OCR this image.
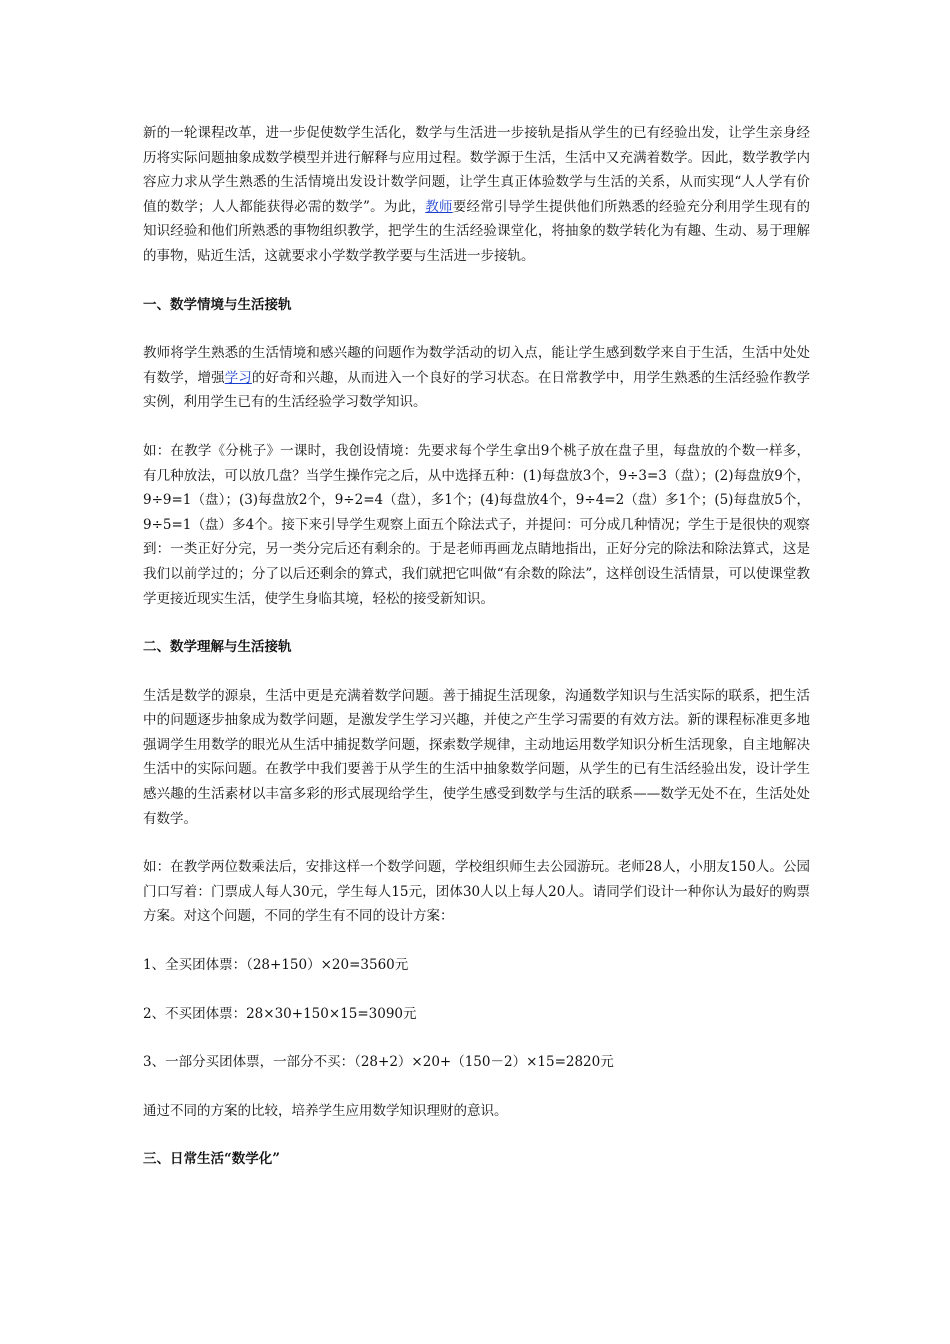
新的一轮课程改革，进一步促使数学生活化，数学与生活进一步接轨是指从学生的已有经验出发，让学生亲身经历将实际问题抽象成数学模型并进行解释与应用过程。数学源于生活，生活中又充满着数学。因此，数学教学内容应力求从学生熟悉的生活情境出发设计数学问题，让学生真正体验数学与生活的关系，从而实现“人人学有价值的数学；人人都能获得必需的数学”。为此，教师要经常引导学生提供他们所熟悉的经验充分利用学生现有的知识经验和他们所熟悉的事物组织教学，把学生的生活经验课堂化，将抽象的数学转化为有趣、生动、易于理解的事物，贴近生活，这就要求小学数学教学要与生活进一步接轨。

一、数学情境与生活接轨

教师将学生熟悉的生活情境和感兴趣的问题作为数学活动的切入点，能让学生感到数学来自于生活，生活中处处有数学，增强学习的好奇和兴趣，从而进入一个良好的学习状态。在日常教学中，用学生熟悉的生活经验作教学实例，利用学生已有的生活经验学习数学知识。

如：在教学《分桃子》一课时，我创设情境：先要求每个学生拿出9个桃子放在盘子里，每盘放的个数一样多，有几种放法，可以放几盘？当学生操作完之后，从中选择五种：(1)每盘放3个，9÷3=3（盘）；(2)每盘放9个，9÷9=1（盘）；(3)每盘放2个，9÷2=4（盘），多1个；(4)每盘放4个，9÷4=2（盘）多1个；(5)每盘放5个，9÷5=1（盘）多4个。接下来引导学生观察上面五个除法式子，并提问：可分成几种情况；学生于是很快的观察到：一类正好分完，另一类分完后还有剩余的。于是老师再画龙点睛地指出，正好分完的除法和除法算式，这是我们以前学过的；分了以后还剩余的算式，我们就把它叫做“有余数的除法”，这样创设生活情景，可以使课堂教学更接近现实生活，使学生身临其境，轻松的接受新知识。

二、数学理解与生活接轨

生活是数学的源泉，生活中更是充满着数学问题。善于捕捉生活现象，沟通数学知识与生活实际的联系，把生活中的问题逐步抽象成为数学问题，是激发学生学习兴趣，并使之产生学习需要的有效方法。新的课程标准更多地强调学生用数学的眼光从生活中捕捉数学问题，探索数学规律，主动地运用数学知识分析生活现象，自主地解决生活中的实际问题。在教学中我们要善于从学生的生活中抽象数学问题，从学生的已有生活经验出发，设计学生感兴趣的生活素材以丰富多彩的形式展现给学生，使学生感受到数学与生活的联系——数学无处不在，生活处处有数学。

如：在教学两位数乘法后，安排这样一个数学问题，学校组织师生去公园游玩。老师28人，小朋友150人。公园门口写着：门票成人每人30元，学生每人15元，团体30人以上每人20人。请同学们设计一种你认为最好的购票方案。对这个问题，不同的学生有不同的设计方案：

1、全买团体票：（28+150）×20=3560元

2、不买团体票：28×30+150×15=3090元

3、一部分买团体票，一部分不买：（28+2）×20+（150－2）×15=2820元

通过不同的方案的比较，培养学生应用数学知识理财的意识。

三、日常生活“数学化”
